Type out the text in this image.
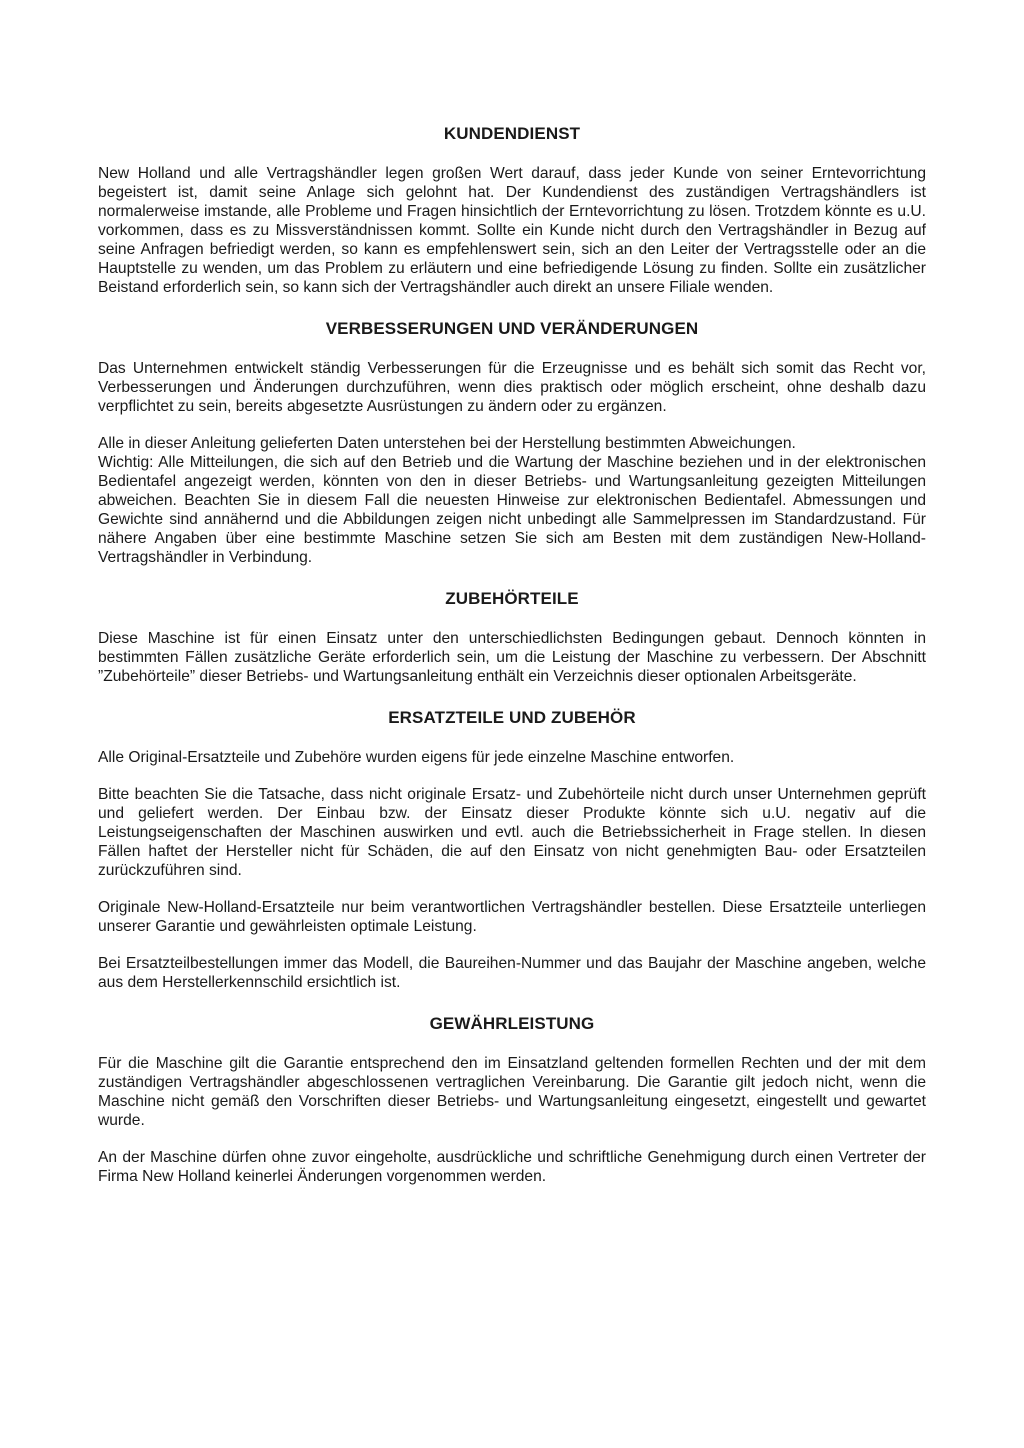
KUNDENDIENST

New Holland und alle Vertragshändler legen großen Wert darauf, dass jeder Kunde von seiner Erntevorrichtung begeistert ist, damit seine Anlage sich gelohnt hat. Der Kundendienst des zuständigen Vertragshändlers ist normalerweise imstande, alle Probleme und Fragen hinsichtlich der Erntevorrichtung zu lösen. Trotzdem könnte es u.U. vorkommen, dass es zu Missverständnissen kommt. Sollte ein Kunde nicht durch den Vertragshändler in Bezug auf seine Anfragen befriedigt werden, so kann es empfehlenswert sein, sich an den Leiter der Vertragsstelle oder an die Hauptstelle zu wenden, um das Problem zu erläutern und eine befriedigende Lösung zu finden. Sollte ein zusätzlicher Beistand erforderlich sein, so kann sich der Vertragshändler auch direkt an unsere Filiale wenden.

VERBESSERUNGEN UND VERÄNDERUNGEN

Das Unternehmen entwickelt ständig Verbesserungen für die Erzeugnisse und es behält sich somit das Recht vor, Verbesserungen und Änderungen durchzuführen, wenn dies praktisch oder möglich erscheint, ohne deshalb dazu verpflichtet zu sein, bereits abgesetzte Ausrüstungen zu ändern oder zu ergänzen.

Alle in dieser Anleitung gelieferten Daten unterstehen bei der Herstellung bestimmten Abweichungen.

Wichtig: Alle Mitteilungen, die sich auf den Betrieb und die Wartung der Maschine beziehen und in der elektronischen Bedientafel angezeigt werden, könnten von den in dieser Betriebs- und Wartungsanleitung gezeigten Mitteilungen abweichen. Beachten Sie in diesem Fall die neuesten Hinweise zur elektronischen Bedientafel. Abmessungen und Gewichte sind annähernd und die Abbildungen zeigen nicht unbedingt alle Sammelpressen im Standardzustand. Für nähere Angaben über eine bestimmte Maschine setzen Sie sich am Besten mit dem zuständigen New-Holland-Vertragshändler in Verbindung.

ZUBEHÖRTEILE

Diese Maschine ist für einen Einsatz unter den unterschiedlichsten Bedingungen gebaut. Dennoch könnten in bestimmten Fällen zusätzliche Geräte erforderlich sein, um die Leistung der Maschine zu verbessern. Der Abschnitt ”Zubehörteile” dieser Betriebs- und Wartungsanleitung enthält ein Verzeichnis dieser optionalen Arbeitsgeräte.

ERSATZTEILE UND ZUBEHÖR

Alle Original-Ersatzteile und Zubehöre wurden eigens für jede einzelne Maschine entworfen.

Bitte beachten Sie die Tatsache, dass nicht originale Ersatz- und Zubehörteile nicht durch unser Unternehmen geprüft und geliefert werden. Der Einbau bzw. der Einsatz dieser Produkte könnte sich u.U. negativ auf die Leistungseigenschaften der Maschinen auswirken und evtl. auch die Betriebssicherheit in Frage stellen. In diesen Fällen haftet der Hersteller nicht für Schäden, die auf den Einsatz von nicht genehmigten Bau- oder Ersatzteilen zurückzuführen sind.

Originale New-Holland-Ersatzteile nur beim verantwortlichen Vertragshändler bestellen. Diese Ersatzteile unterliegen unserer Garantie und gewährleisten optimale Leistung.

Bei Ersatzteilbestellungen immer das Modell, die Baureihen-Nummer und das Baujahr der Maschine angeben, welche aus dem Herstellerkennschild ersichtlich ist.

GEWÄHRLEISTUNG

Für die Maschine gilt die Garantie entsprechend den im Einsatzland geltenden formellen Rechten und der mit dem zuständigen Vertragshändler abgeschlossenen vertraglichen Vereinbarung. Die Garantie gilt jedoch nicht, wenn die Maschine nicht gemäß den Vorschriften dieser Betriebs- und Wartungsanleitung eingesetzt, eingestellt und gewartet wurde.

An der Maschine dürfen ohne zuvor eingeholte, ausdrückliche und schriftliche Genehmigung durch einen Vertreter der Firma New Holland keinerlei Änderungen vorgenommen werden.
